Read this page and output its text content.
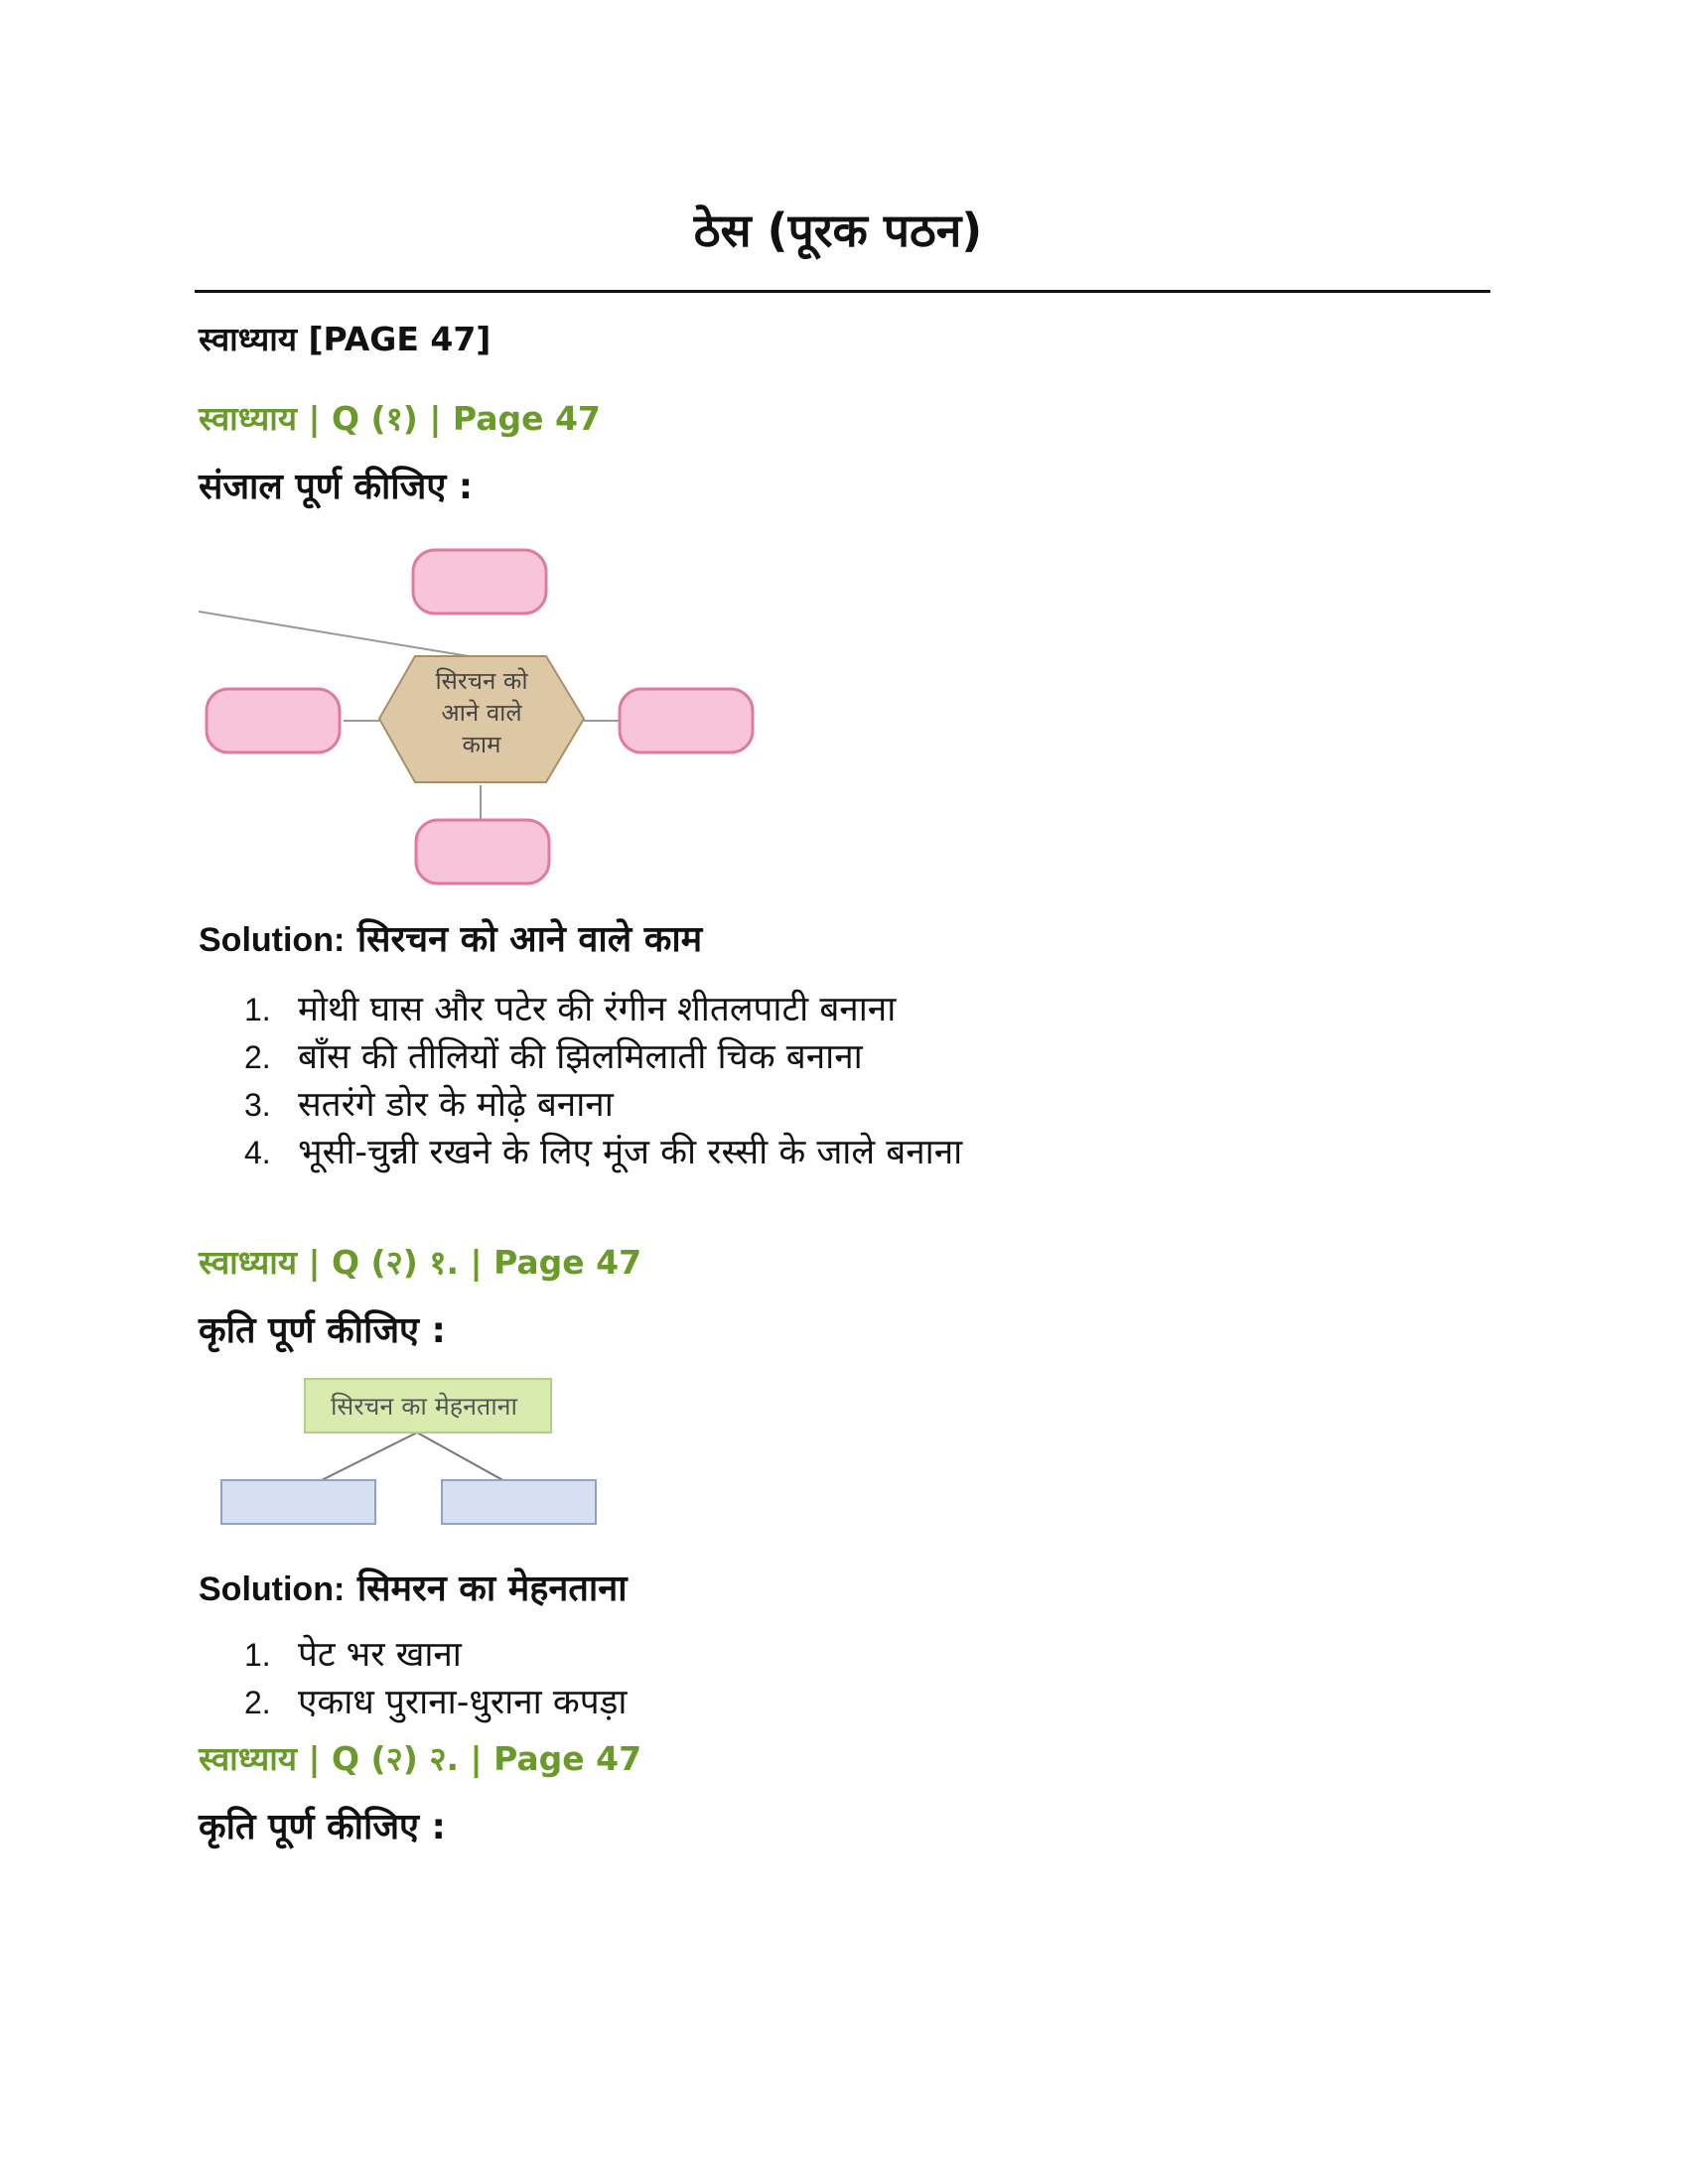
ठेस (पूरक पठन)
स्वाध्याय [PAGE 47]
स्वाध्याय | Q (१) | Page 47
संजाल पूर्ण कीजिए :
सिरचन को
आने वाले
काम
Solution: सिरचन को आने वाले काम
1. मोथी घास और पटेर की रंगीन शीतलपाटी बनाना
2. बाँस की तीलियों की झिलमिलाती चिक बनाना
3. सतरंगे डोर के मोढ़े बनाना
4. भूसी-चुन्नी रखने के लिए मूंज की रस्सी के जाले बनाना
स्वाध्याय | Q (२) १. | Page 47
कृति पूर्ण कीजिए :
सिरचन का मेहनताना
Solution: सिमरन का मेहनताना
1. पेट भर खाना
2. एकाध पुराना-धुराना कपड़ा
स्वाध्याय | Q (२) २. | Page 47
कृति पूर्ण कीजिए :
